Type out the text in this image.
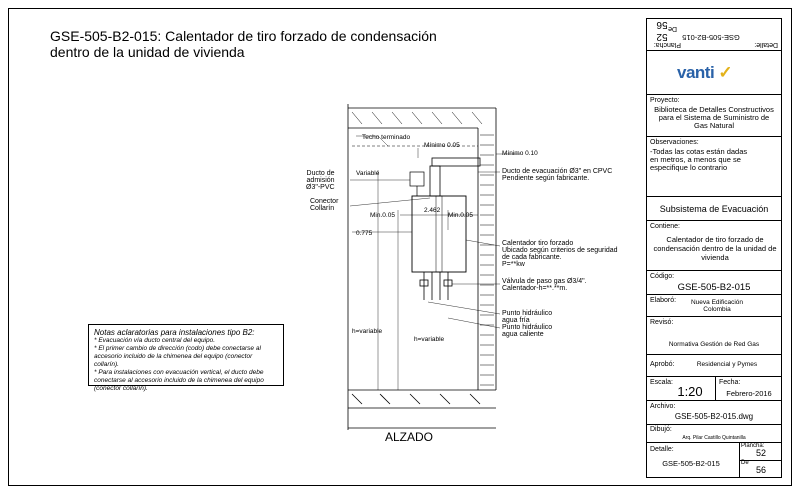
GSE-505-B2-015: Calentador de tiro forzado de condensación dentro de la unidad de vivienda
Techo terminado
Mínimo 0.05
Mínimo 0.10
Variable
Ducto de
admisión
Ø3"-PVC
Conector
Collarín
Min.0.05
2.462
Min.0.05
0.775
Ducto de evacuación Ø3" en CPVC
Pendiente según fabricante.
Calentador tiro forzado
Ubicado según criterios de seguridad
de cada fabricante.
P=**kw
Válvula de paso gas Ø3/4".
Calentador-h=**.**m.
Punto hidráulico
agua fría
Punto hidráulico
agua caliente
h=variable
h=variable
ALZADO
Notas aclaratorias para instalaciones tipo B2:
* Evacuación vía ducto central del equipo.
* El primer cambio de dirección (codo) debe conectarse al
accesorio incluido de la chimenea del equipo (conector collarín).
* Para instalaciones con evacuación vertical, el ducto debe
conectarse al accesorio incluido de la chimenea del equipo
(conector collarín).
Detalle:
GSE-505-B2-015
Plancha:
52
De
56
vanti ✓
Proyecto:
Biblioteca de Detalles Constructivos para el Sistema de Suministro de Gas Natural
Observaciones:
-Todas las cotas están dadas en metros, a menos que se especifique lo contrario
Subsistema de Evacuación
Contiene:
Calentador de tiro forzado de condensación dentro de la unidad de vivienda
Código:
GSE-505-B2-015
Elaboró:	Nueva Edificación Colombia
Revisó:
Normativa Gestión de Red Gas
Aprobó:	Residencial y Pymes
Escala:
1:20
Fecha:
Febrero-2016
Archivo:
GSE-505-B2-015.dwg
Dibujó:
Arq. Pilar Castillo Quintanilla
Detalle:
GSE-505-B2-015
Plancha:
52
De
56
